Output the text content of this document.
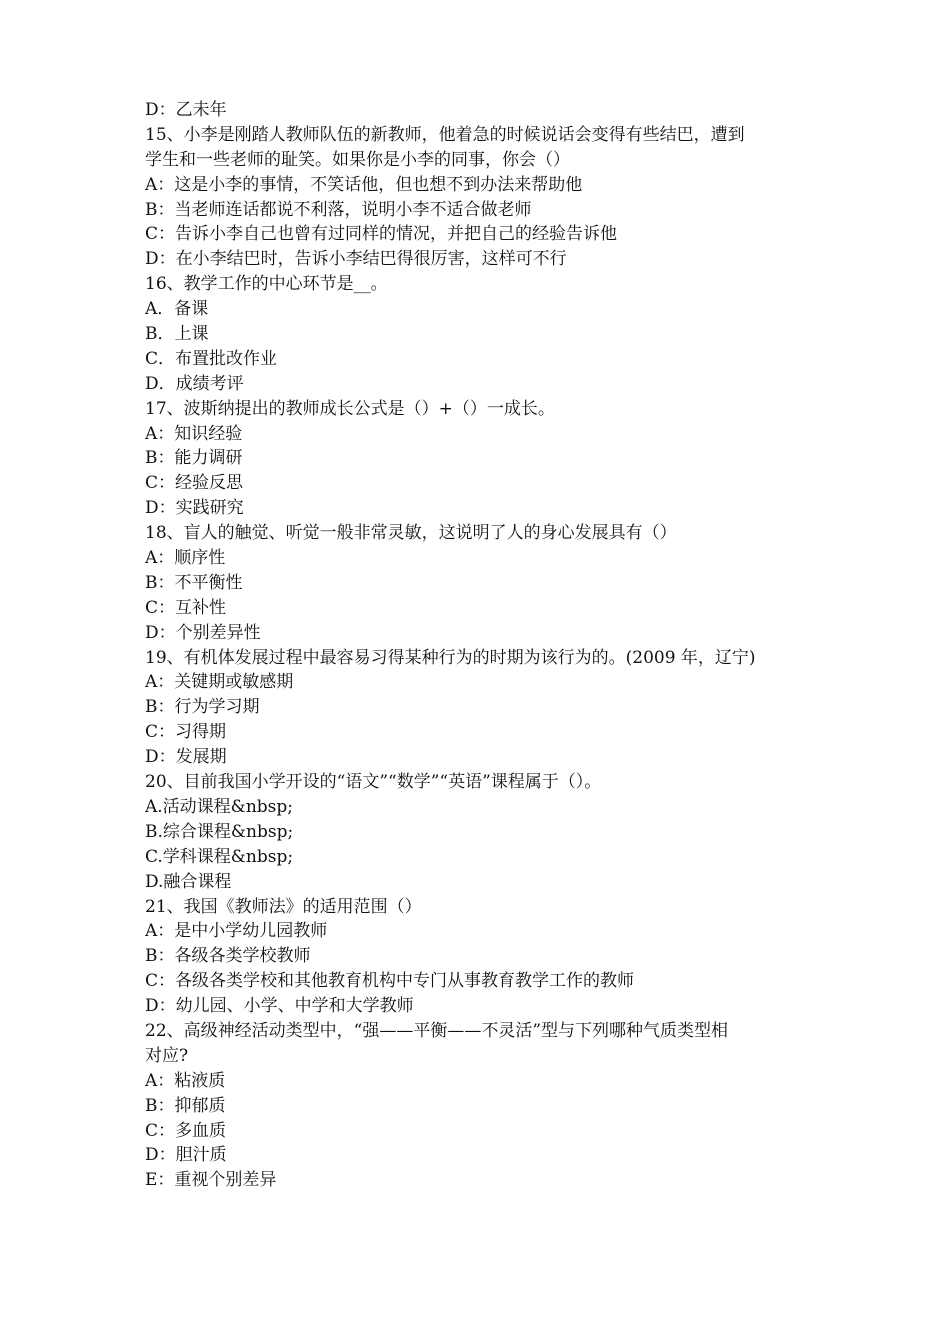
D：乙未年
15、小李是刚踏人教师队伍的新教师，他着急的时候说话会变得有些结巴，遭到
学生和一些老师的耻笑。如果你是小李的同事，你会（）
A：这是小李的事情，不笑话他，但也想不到办法来帮助他
B：当老师连话都说不利落，说明小李不适合做老师
C：告诉小李自己也曾有过同样的情况，并把自己的经验告诉他
D：在小李结巴时，告诉小李结巴得很厉害，这样可不行
16、教学工作的中心环节是__。
A．备课
B．上课
C．布置批改作业
D．成绩考评
17、波斯纳提出的教师成长公式是（）+（）一成长。
A：知识经验
B：能力调研
C：经验反思
D：实践研究
18、盲人的触觉、听觉一般非常灵敏，这说明了人的身心发展具有（）
A：顺序性
B：不平衡性
C：互补性
D：个别差异性
19、有机体发展过程中最容易习得某种行为的时期为该行为的。(2009 年，辽宁)
A：关键期或敏感期
B：行为学习期
C：习得期
D：发展期
20、目前我国小学开设的“语文”“数学”“英语”课程属于（）。
A.活动课程&nbsp;
B.综合课程&nbsp;
C.学科课程&nbsp;
D.融合课程
21、我国《教师法》的适用范围（）
A：是中小学幼儿园教师
B：各级各类学校教师
C：各级各类学校和其他教育机构中专门从事教育教学工作的教师
D：幼儿园、小学、中学和大学教师
22、高级神经活动类型中，“强——平衡——不灵活”型与下列哪种气质类型相
对应?
A：粘液质
B：抑郁质
C：多血质
D：胆汁质
E：重视个别差异
